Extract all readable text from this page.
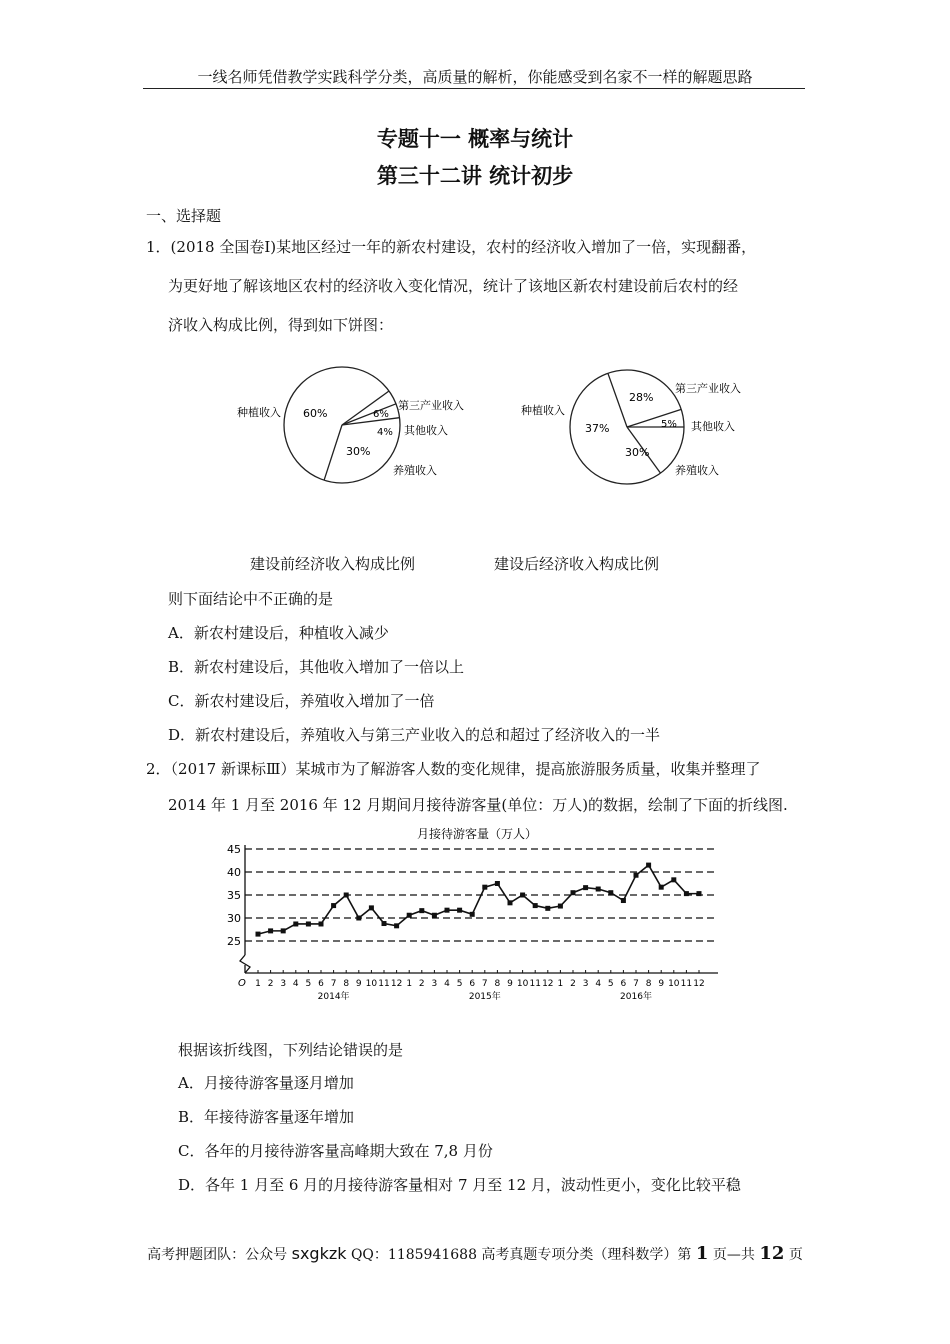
一线名师凭借教学实践科学分类，高质量的解析，你能感受到名家不一样的解题思路
专题十一 概率与统计
第三十二讲 统计初步
一、选择题
1．(2018 全国卷Ⅰ)某地区经过一年的新农村建设，农村的经济收入增加了一倍，实现翻番，
为更好地了解该地区农村的经济收入变化情况，统计了该地区新农村建设前后农村的经
济收入构成比例，得到如下饼图：
60%	6%
4%
30%
种植收入
第三产业收入
其他收入
养殖收入
37%
28%
5%
30%
种植收入
第三产业收入
其他收入
养殖收入
建设前经济收入构成比例	建设后经济收入构成比例
则下面结论中不正确的是
A．新农村建设后，种植收入减少
B．新农村建设后，其他收入增加了一倍以上
C．新农村建设后，养殖收入增加了一倍
D．新农村建设后，养殖收入与第三产业收入的总和超过了经济收入的一半
2．（2017 新课标Ⅲ）某城市为了解游客人数的变化规律，提高旅游服务质量，收集并整理了
2014 年 1 月至 2016 年 12 月期间月接待游客量(单位：万人)的数据，绘制了下面的折线图.
月接待游客量（万人）
25
30
35
40
45
1 2 3 4 5 6 7 8 9 10 11 12 1 2 3 4 5 6 7 8 9 10 11 12 1 2 3 4 5 6 7 8 9 10 11 12
2014年	2015年	2016年
O
根据该折线图，下列结论错误的是
A．月接待游客量逐月增加
B．年接待游客量逐年增加
C．各年的月接待游客量高峰期大致在 7,8 月份
D．各年 1 月至 6 月的月接待游客量相对 7 月至 12 月，波动性更小，变化比较平稳
高考押题团队：公众号 sxgkzk QQ：1185941688 高考真题专项分类（理科数学）第 1 页—共 12 页
